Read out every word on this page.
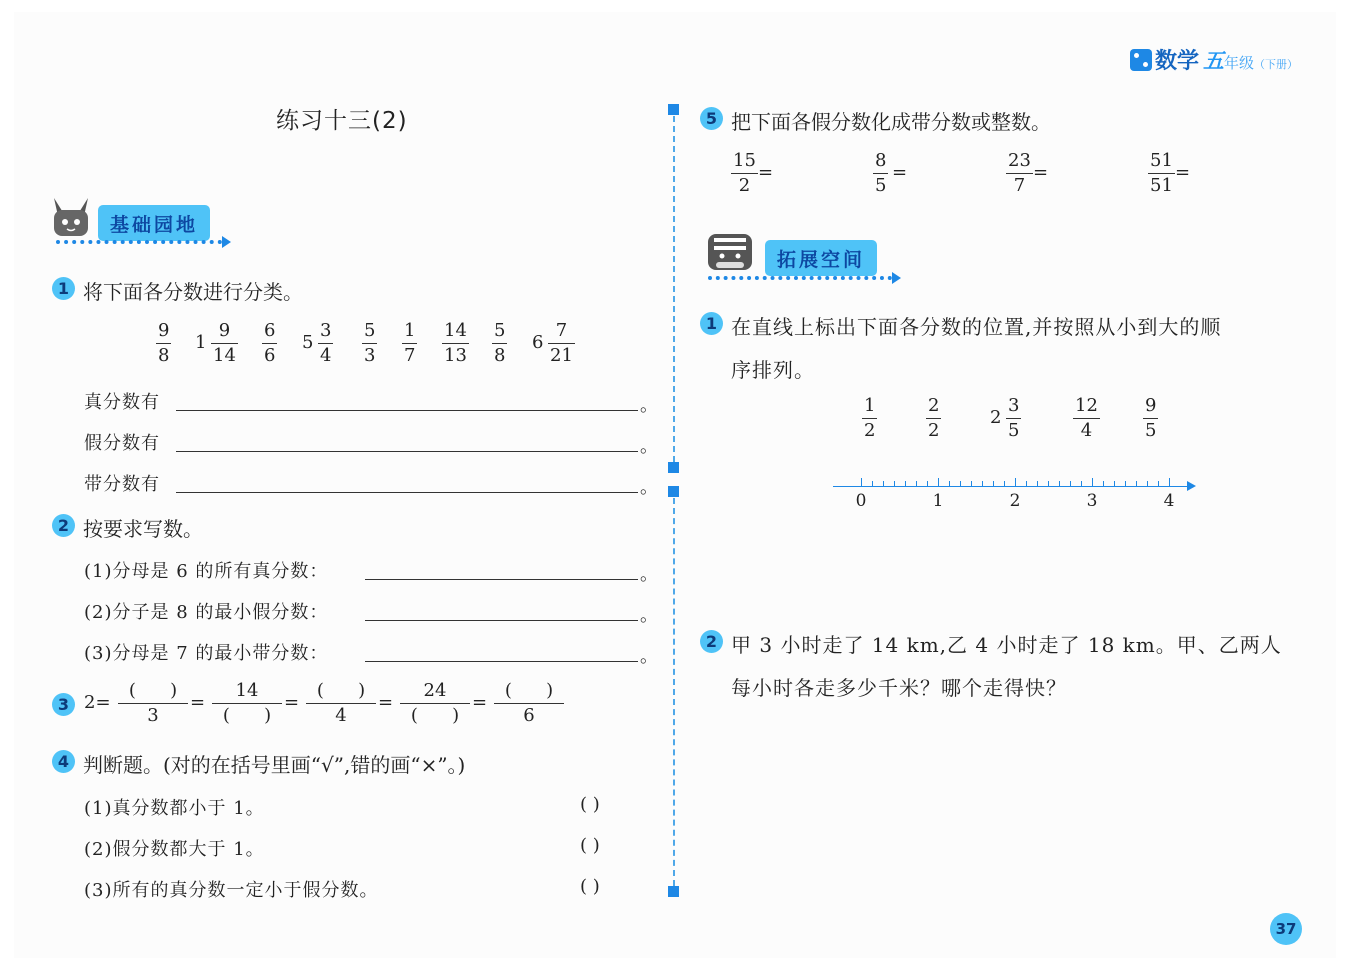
数学 五 年级 （下册）
练习十三(2)
基础园地
1 将下面各分数进行分类。
9
8
1
9
14
6
6
5
3
4
5
3
1
7
14
13
5
8
6
7
21
真分数有	。
假分数有	。
带分数有	。
2 按要求写数。
(1)分母是 6 的所有真分数：	。
(2)分子是 8 的最小假分数：	。
(3)分母是 7 的最小带分数：	。
3 2=
(      )
3
=
14
(      )
=
(      )
4
=
24
(      )
=
(      )
6
4 判断题。(对的在括号里画“√”,错的画“×”。)
(1)真分数都小于 1。	( )
(2)假分数都大于 1。	( )
(3)所有的真分数一定小于假分数。	( )
5 把下面各假分数化成带分数或整数。
15
2
=
8
5
=
23
7
=
51
51
=
拓展空间
1 在直线上标出下面各分数的位置,并按照从小到大的顺
序排列。
1
2
2
2
2
3
5
12
4
9
5
0	1	2	3	4
2 甲 3 小时走了 14 km,乙 4 小时走了 18 km。甲、乙两人
每小时各走多少千米？哪个走得快？
37
